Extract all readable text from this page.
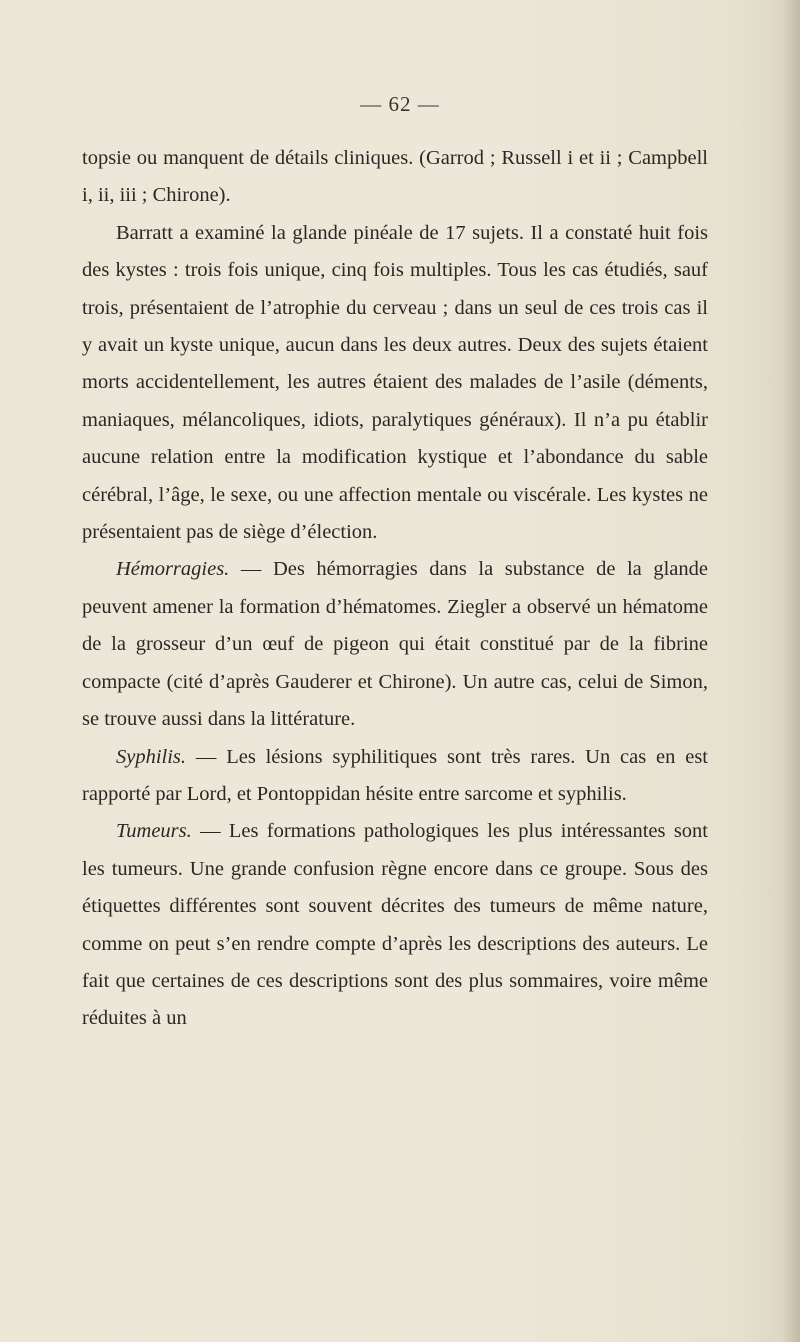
— 62 —

topsie ou manquent de détails cliniques. (Garrod ; Russell i et ii ; Campbell i, ii, iii ; Chirone).

Barratt a examiné la glande pinéale de 17 sujets. Il a constaté huit fois des kystes : trois fois unique, cinq fois multiples. Tous les cas étudiés, sauf trois, présentaient de l’atrophie du cerveau ; dans un seul de ces trois cas il y avait un kyste unique, aucun dans les deux autres. Deux des sujets étaient morts accidentellement, les autres étaient des malades de l’asile (déments, maniaques, mélancoliques, idiots, paralytiques généraux). Il n’a pu établir aucune relation entre la modification kystique et l’abondance du sable cérébral, l’âge, le sexe, ou une affection mentale ou viscérale. Les kystes ne présentaient pas de siège d’élection.

Hémorragies. — Des hémorragies dans la substance de la glande peuvent amener la formation d’hématomes. Ziegler a observé un hématome de la grosseur d’un œuf de pigeon qui était constitué par de la fibrine compacte (cité d’après Gauderer et Chirone). Un autre cas, celui de Simon, se trouve aussi dans la littérature.

Syphilis. — Les lésions syphilitiques sont très rares. Un cas en est rapporté par Lord, et Pontoppidan hésite entre sarcome et syphilis.

Tumeurs. — Les formations pathologiques les plus intéressantes sont les tumeurs. Une grande confusion règne encore dans ce groupe. Sous des étiquettes différentes sont souvent décrites des tumeurs de même nature, comme on peut s’en rendre compte d’après les descriptions des auteurs. Le fait que certaines de ces descriptions sont des plus sommaires, voire même réduites à un
